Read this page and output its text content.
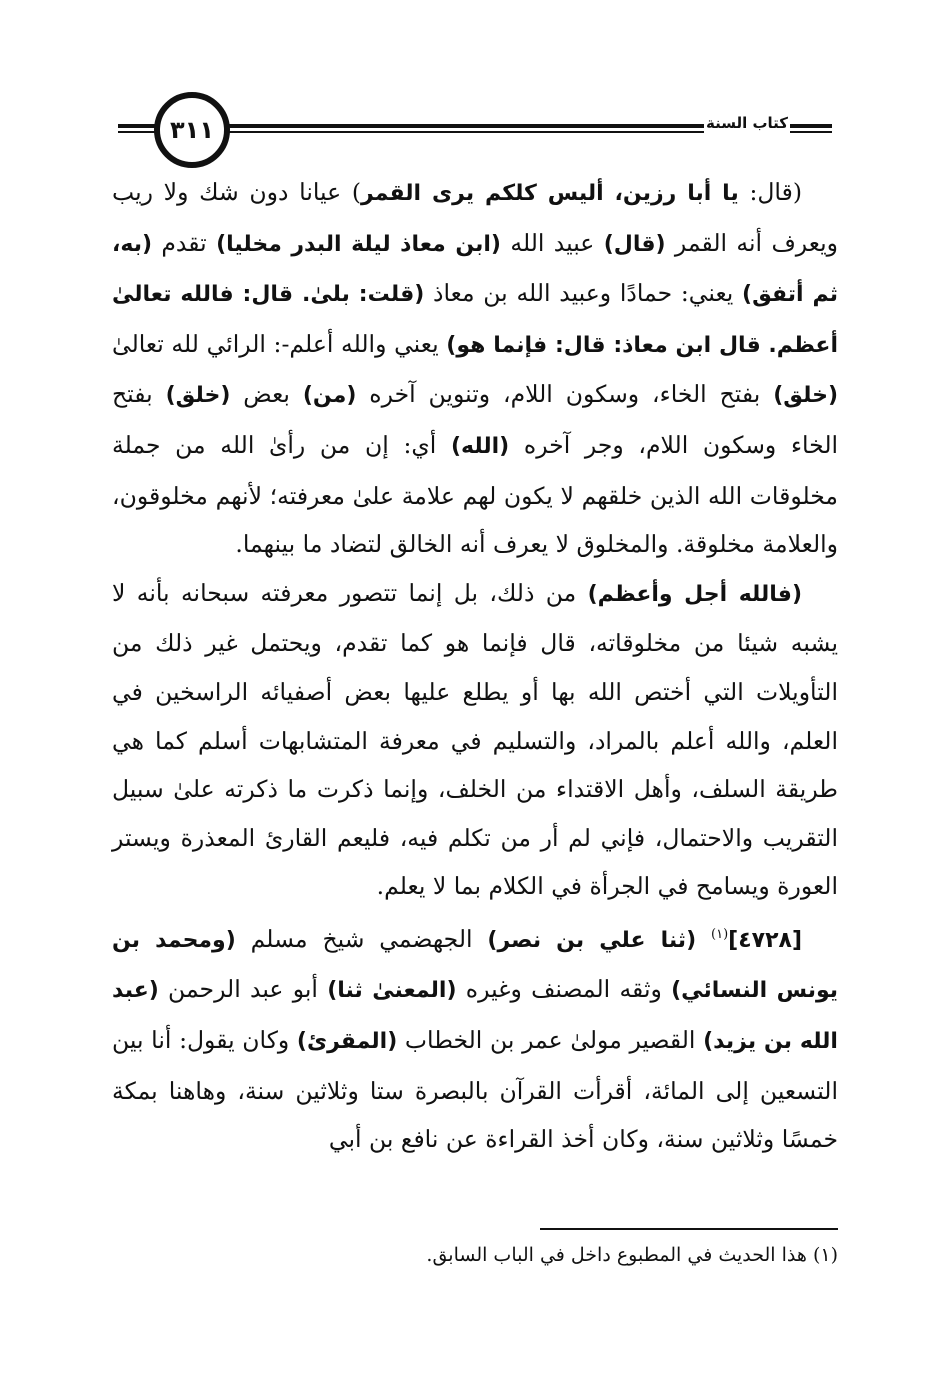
٣١١	كتاب السنة

(قال: يا أبا رزين، ألیس کلکم یری القمر) عيانا دون شك ولا ريب ويعرف أنه القمر (قال) عبيد الله (ابن معاذ ليلة البدر مخليا) تقدم (به، ثم أتفق) يعني: حمادًا وعبيد الله بن معاذ (قلت: بلىٰ. قال: فالله تعالىٰ أعظم. قال ابن معاذ: قال: فإنما هو) يعني والله أعلم-: الرائي لله تعالىٰ (خلق) بفتح الخاء، وسكون اللام، وتنوين آخره (من) بعض (خلق) بفتح الخاء وسكون اللام، وجر آخره (الله) أي: إن من رأىٰ الله من جملة مخلوقات الله الذين خلقهم لا يكون لهم علامة علىٰ معرفته؛ لأنهم مخلوقون، والعلامة مخلوقة. والمخلوق لا يعرف أنه الخالق لتضاد ما بينهما.

(فالله أجل وأعظم) من ذلك، بل إنما تتصور معرفته سبحانه بأنه لا يشبه شيئا من مخلوقاته، قال فإنما هو كما تقدم، ويحتمل غير ذلك من التأويلات التي أختص الله بها أو يطلع عليها بعض أصفيائه الراسخين في العلم، والله أعلم بالمراد، والتسليم في معرفة المتشابهات أسلم كما هي طريقة السلف، وأهل الاقتداء من الخلف، وإنما ذكرت ما ذكرته علىٰ سبيل التقريب والاحتمال، فإني لم أر من تكلم فيه، فليعم القارئ المعذرة ويستر العورة ويسامح في الجرأة في الكلام بما لا يعلم.

[٤٧٢٨]$^{(١)}$ (ثنا علي بن نصر) الجهضمي شيخ مسلم (ومحمد بن يونس النسائي) وثقه المصنف وغيره (المعنىٰ ثنا) أبو عبد الرحمن (عبد الله بن يزيد) القصير مولىٰ عمر بن الخطاب (المقرئ) وكان يقول: أنا بين التسعين إلى المائة، أقرأت القرآن بالبصرة ستا وثلاثين سنة، وهاهنا بمكة خمسًا وثلاثين سنة، وكان أخذ القراءة عن نافع بن أبي

(١) هذا الحديث في المطبوع داخل في الباب السابق.
